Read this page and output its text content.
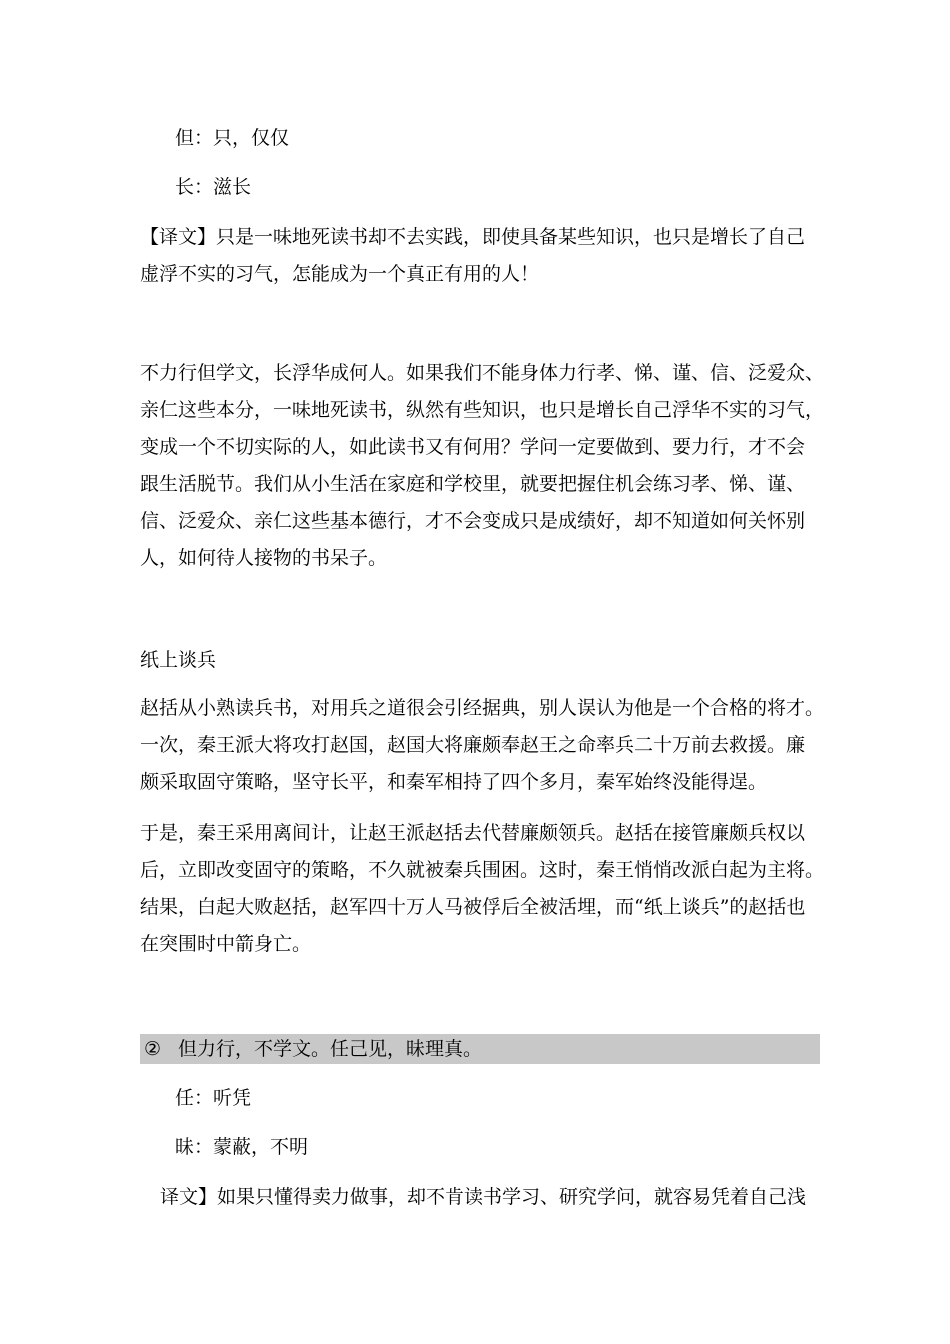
但：只，仅仅
长：滋长
【译文】只是一味地死读书却不去实践，即使具备某些知识，也只是增长了自己
虚浮不实的习气，怎能成为一个真正有用的人！
不力行但学文，长浮华成何人。如果我们不能身体力行孝、悌、谨、信、泛爱众、
亲仁这些本分，一味地死读书，纵然有些知识，也只是增长自己浮华不实的习气，
变成一个不切实际的人，如此读书又有何用？学问一定要做到、要力行，才不会
跟生活脱节。我们从小生活在家庭和学校里，就要把握住机会练习孝、悌、谨、
信、泛爱众、亲仁这些基本德行，才不会变成只是成绩好，却不知道如何关怀别
人，如何待人接物的书呆子。
纸上谈兵
赵括从小熟读兵书，对用兵之道很会引经据典，别人误认为他是一个合格的将才。
一次，秦王派大将攻打赵国，赵国大将廉颇奉赵王之命率兵二十万前去救援。廉
颇采取固守策略，坚守长平，和秦军相持了四个多月，秦军始终没能得逞。
于是，秦王采用离间计，让赵王派赵括去代替廉颇领兵。赵括在接管廉颇兵权以
后，立即改变固守的策略，不久就被秦兵围困。这时，秦王悄悄改派白起为主将。
结果，白起大败赵括，赵军四十万人马被俘后全被活埋，而“纸上谈兵”的赵括也
在突围时中箭身亡。
② 但力行，不学文。任己见，昧理真。
任：听凭
昧：蒙蔽，不明
译文】如果只懂得卖力做事，却不肯读书学习、研究学问，就容易凭着自己浅
